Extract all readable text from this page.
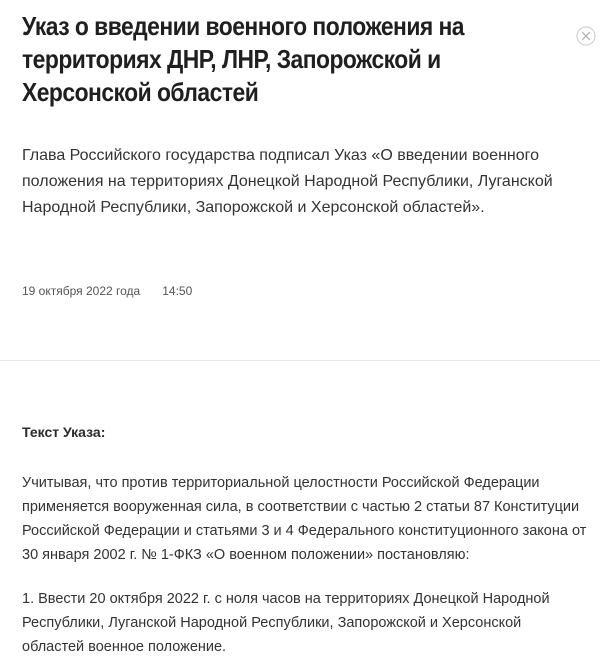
Указ о введении военного положения на территориях ДНР, ЛНР, Запорожской и Херсонской областей

Глава Российского государства подписал Указ «О введении военного положения на территориях Донецкой Народной Республики, Луганской Народной Республики, Запорожской и Херсонской областей».

19 октября 2022 года 14:50
Текст Указа:

Учитывая, что против территориальной целостности Российской Федерации применяется вооруженная сила, в соответствии с частью 2 статьи 87 Конституции Российской Федерации и статьями 3 и 4 Федерального конституционного закона от 30 января 2002 г. № 1-ФКЗ «О военном положении» постановляю:

1. Ввести 20 октября 2022 г. с ноля часов на территориях Донецкой Народной Республики, Луганской Народной Республики, Запорожской и Херсонской областей военное положение.
